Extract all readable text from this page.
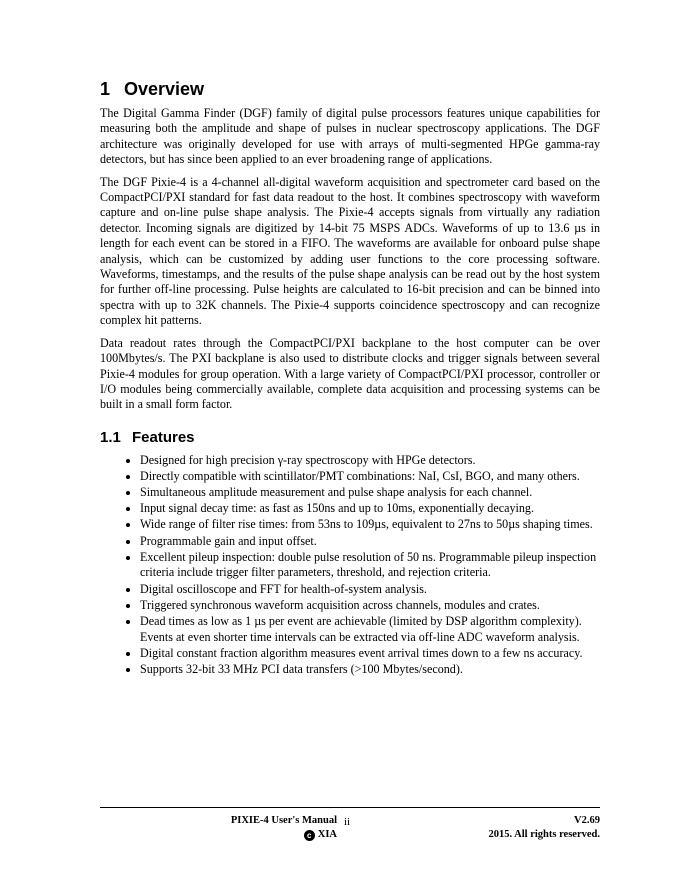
1 Overview

The Digital Gamma Finder (DGF) family of digital pulse processors features unique capabilities for measuring both the amplitude and shape of pulses in nuclear spectroscopy applications. The DGF architecture was originally developed for use with arrays of multi-segmented HPGe gamma-ray detectors, but has since been applied to an ever broadening range of applications.

The DGF Pixie-4 is a 4-channel all-digital waveform acquisition and spectrometer card based on the CompactPCI/PXI standard for fast data readout to the host. It combines spectroscopy with waveform capture and on-line pulse shape analysis. The Pixie-4 accepts signals from virtually any radiation detector. Incoming signals are digitized by 14-bit 75 MSPS ADCs. Waveforms of up to 13.6 µs in length for each event can be stored in a FIFO. The waveforms are available for onboard pulse shape analysis, which can be customized by adding user functions to the core processing software. Waveforms, timestamps, and the results of the pulse shape analysis can be read out by the host system for further off-line processing. Pulse heights are calculated to 16-bit precision and can be binned into spectra with up to 32K channels. The Pixie-4 supports coincidence spectroscopy and can recognize complex hit patterns.

Data readout rates through the CompactPCI/PXI backplane to the host computer can be over 100Mbytes/s. The PXI backplane is also used to distribute clocks and trigger signals between several Pixie-4 modules for group operation. With a large variety of CompactPCI/PXI processor, controller or I/O modules being commercially available, complete data acquisition and processing systems can be built in a small form factor.

1.1 Features
• Designed for high precision γ-ray spectroscopy with HPGe detectors.
• Directly compatible with scintillator/PMT combinations: NaI, CsI, BGO, and many others.
• Simultaneous amplitude measurement and pulse shape analysis for each channel.
• Input signal decay time: as fast as 150ns and up to 10ms, exponentially decaying.
• Wide range of filter rise times: from 53ns to 109µs, equivalent to 27ns to 50µs shaping times.
• Programmable gain and input offset.
• Excellent pileup inspection: double pulse resolution of 50 ns. Programmable pileup inspection criteria include trigger filter parameters, threshold, and rejection criteria.
• Digital oscilloscope and FFT for health-of-system analysis.
• Triggered synchronous waveform acquisition across channels, modules and crates.
• Dead times as low as 1 µs per event are achievable (limited by DSP algorithm complexity). Events at even shorter time intervals can be extracted via off-line ADC waveform analysis.
• Digital constant fraction algorithm measures event arrival times down to a few ns accuracy.
• Supports 32-bit 33 MHz PCI data transfers (>100 Mbytes/second).
PIXIE-4 User's Manual
c XIA
ii	V2.69
2015. All rights reserved.
